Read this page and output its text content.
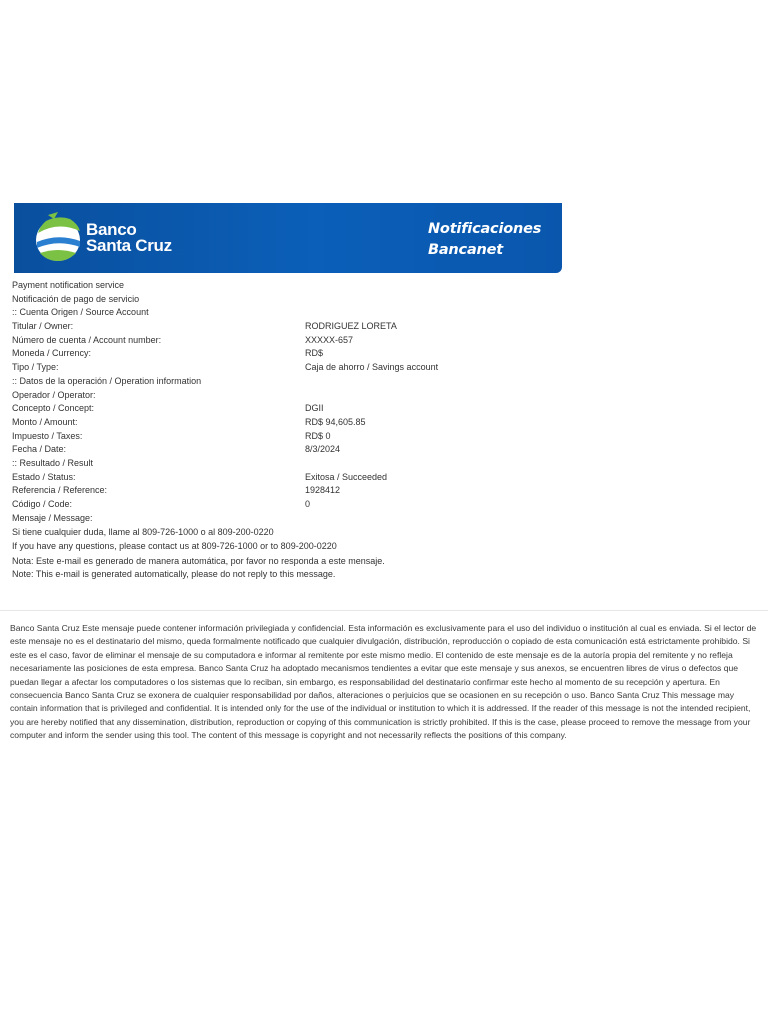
Banco
Santa Cruz
Notificaciones
Bancanet
Payment notification service
Notificación de pago de servicio
:: Cuenta Origen / Source Account
Titular / Owner:	RODRIGUEZ LORETA
Número de cuenta / Account number:	XXXXX-657
Moneda / Currency:	RD$
Tipo / Type:	Caja de ahorro / Savings account
:: Datos de la operación / Operation information
Operador / Operator:
Concepto / Concept:	DGII
Monto / Amount:	RD$ 94,605.85
Impuesto / Taxes:	RD$ 0
Fecha / Date:	8/3/2024
:: Resultado / Result
Estado / Status:	Exitosa / Succeeded
Referencia / Reference:	1928412
Código / Code:	0
Mensaje / Message:
Si tiene cualquier duda, llame al 809-726-1000 o al 809-200-0220
If you have any questions, please contact us at 809-726-1000 or to 809-200-0220
Nota: Este e-mail es generado de manera automática, por favor no responda a este mensaje.
Note: This e-mail is generated automatically, please do not reply to this message.
Banco Santa Cruz Este mensaje puede contener información privilegiada y confidencial. Esta información es exclusivamente para el uso del individuo o institución al cual es enviada. Si el lector de este mensaje no es el destinatario del mismo, queda formalmente notificado que cualquier divulgación, distribución, reproducción o copiado de esta comunicación está estrictamente prohibido. Si este es el caso, favor de eliminar el mensaje de su computadora e informar al remitente por este mismo medio. El contenido de este mensaje es de la autoría propia del remitente y no refleja necesariamente las posiciones de esta empresa. Banco Santa Cruz ha adoptado mecanismos tendientes a evitar que este mensaje y sus anexos, se encuentren libres de virus o defectos que puedan llegar a afectar los computadores o los sistemas que lo reciban, sin embargo, es responsabilidad del destinatario confirmar este hecho al momento de su recepción y apertura. En consecuencia Banco Santa Cruz se exonera de cualquier responsabilidad por daños, alteraciones o perjuicios que se ocasionen en su recepción o uso. Banco Santa Cruz This message may contain information that is privileged and confidential. It is intended only for the use of the individual or institution to which it is addressed. If the reader of this message is not the intended recipient, you are hereby notified that any dissemination, distribution, reproduction or copying of this communication is strictly prohibited. If this is the case, please proceed to remove the message from your computer and inform the sender using this tool. The content of this message is copyright and not necessarily reflects the positions of this company.
